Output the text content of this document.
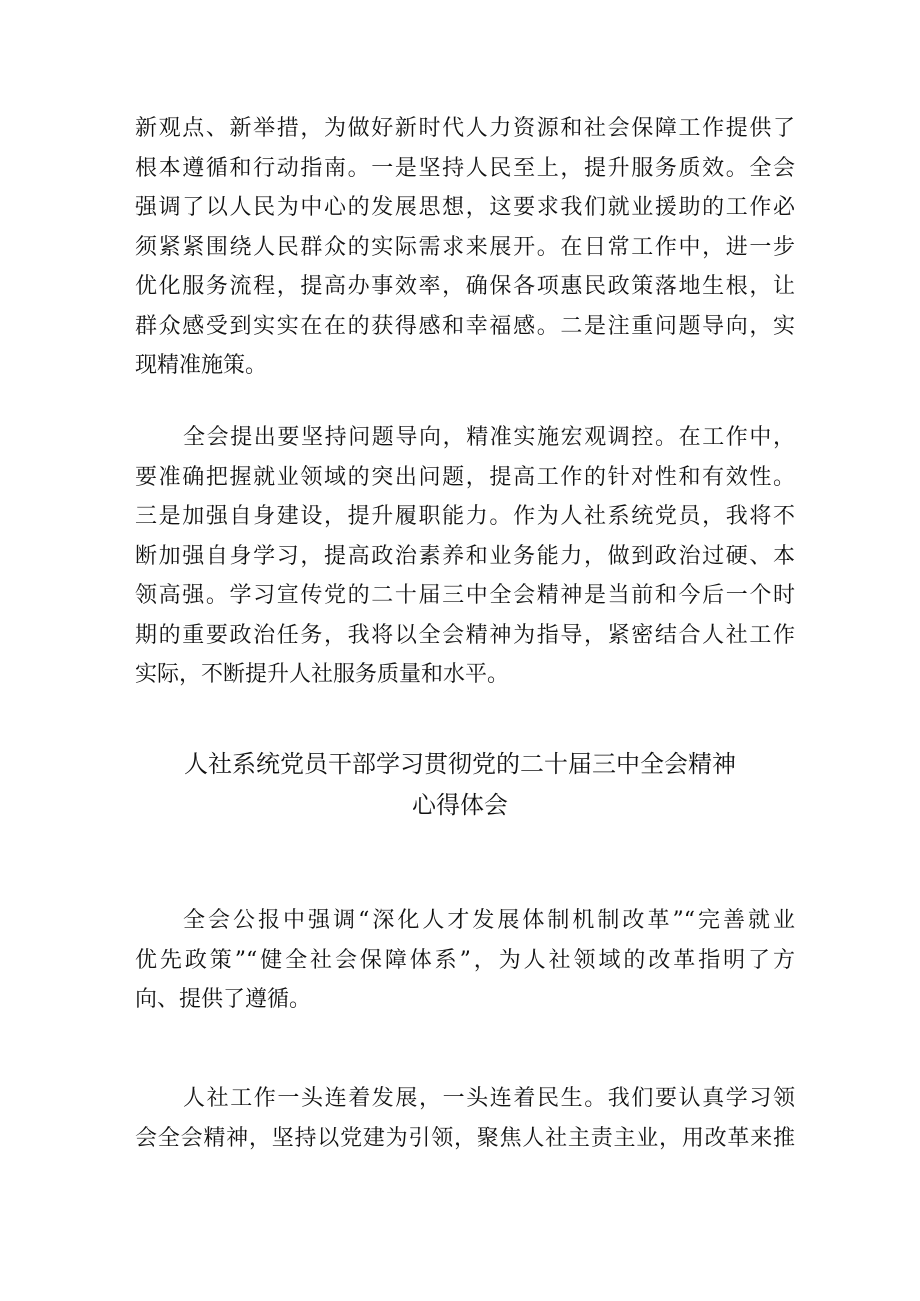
新观点、新举措，为做好新时代人力资源和社会保障工作提供了
根本遵循和行动指南。一是坚持人民至上，提升服务质效。全会
强调了以人民为中心的发展思想，这要求我们就业援助的工作必
须紧紧围绕人民群众的实际需求来展开。在日常工作中，进一步
优化服务流程，提高办事效率，确保各项惠民政策落地生根，让
群众感受到实实在在的获得感和幸福感。二是注重问题导向，实
现精准施策。
全会提出要坚持问题导向，精准实施宏观调控。在工作中，
要准确把握就业领域的突出问题，提高工作的针对性和有效性。
三是加强自身建设，提升履职能力。作为人社系统党员，我将不
断加强自身学习，提高政治素养和业务能力，做到政治过硬、本
领高强。学习宣传党的二十届三中全会精神是当前和今后一个时
期的重要政治任务，我将以全会精神为指导，紧密结合人社工作
实际，不断提升人社服务质量和水平。
人社系统党员干部学习贯彻党的二十届三中全会精神
心得体会
全会公报中强调“深化人才发展体制机制改革”“完善就业
优先政策”“健全社会保障体系”，为人社领域的改革指明了方
向、提供了遵循。
人社工作一头连着发展，一头连着民生。我们要认真学习领
会全会精神，坚持以党建为引领，聚焦人社主责主业，用改革来推
